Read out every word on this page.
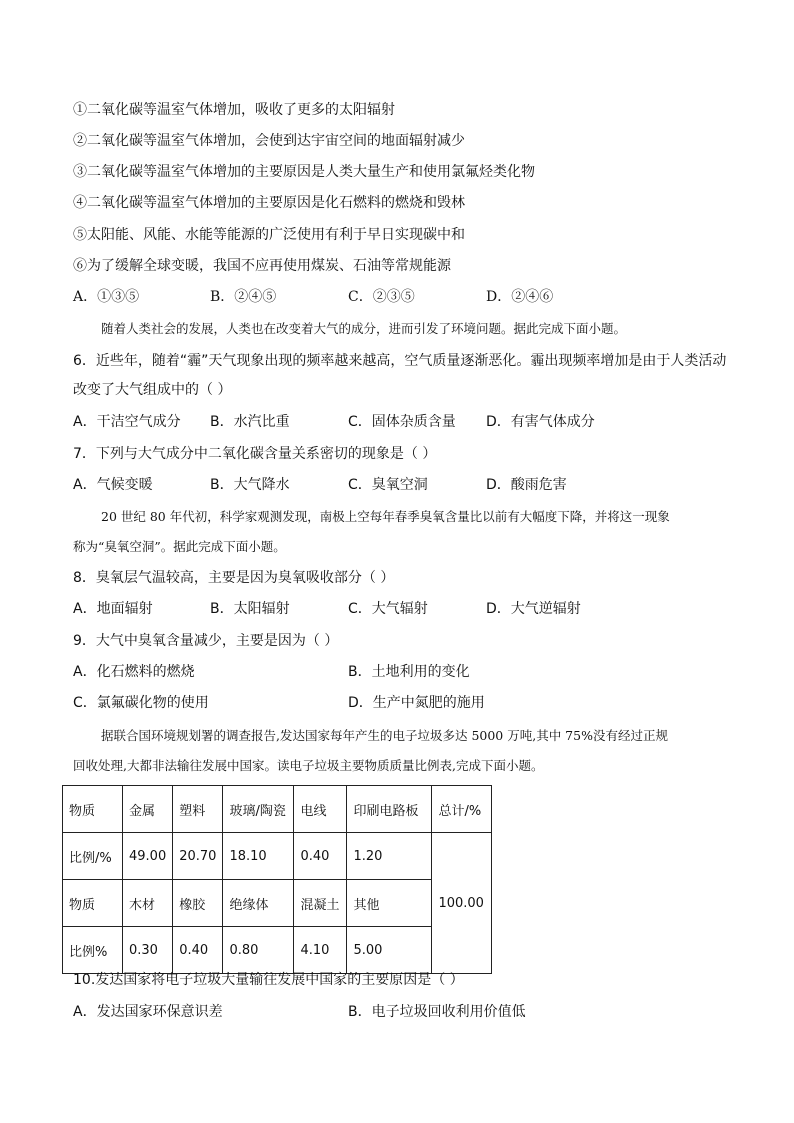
①二氧化碳等温室气体增加，吸收了更多的太阳辐射
②二氧化碳等温室气体增加，会使到达宇宙空间的地面辐射减少
③二氧化碳等温室气体增加的主要原因是人类大量生产和使用氯氟烃类化物
④二氧化碳等温室气体增加的主要原因是化石燃料的燃烧和毁林
⑤太阳能、风能、水能等能源的广泛使用有利于早日实现碳中和
⑥为了缓解全球变暖，我国不应再使用煤炭、石油等常规能源
A．①③⑤	B．②④⑤	C．②③⑤	D．②④⑥
随着人类社会的发展，人类也在改变着大气的成分，进而引发了环境问题。据此完成下面小题。
6．近些年，随着“霾”天气现象出现的频率越来越高，空气质量逐渐恶化。霾出现频率增加是由于人类活动
改变了大气组成中的（ ）
A．干洁空气成分 B．水汽比重	C．固体杂质含量 D．有害气体成分
7．下列与大气成分中二氧化碳含量关系密切的现象是（ ）
A．气候变暖	B．大气降水	C．臭氧空洞	D．酸雨危害
20 世纪 80 年代初，科学家观测发现，南极上空每年春季臭氧含量比以前有大幅度下降，并将这一现象
称为“臭氧空洞”。据此完成下面小题。
8．臭氧层气温较高，主要是因为臭氧吸收部分（ ）
A．地面辐射	B．太阳辐射	C．大气辐射	D．大气逆辐射
9．大气中臭氧含量减少，主要是因为（ ）
A．化石燃料的燃烧	B．土地利用的变化
C．氯氟碳化物的使用	D．生产中氮肥的施用
据联合国环境规划署的调查报告,发达国家每年产生的电子垃圾多达 5000 万吨,其中 75%没有经过正规
回收处理,大都非法输往发展中国家。读电子垃圾主要物质质量比例表,完成下面小题。
物质	金属	塑料	玻璃/陶瓷	电线	印刷电路板	总计/%
比例/%	49.00	20.70	18.10	0.40	1.20	100.00
物质	木材	橡胶	绝缘体	混凝土	其他	
比例%	0.30	0.40	0.80	4.10	5.00	
10.发达国家将电子垃圾大量输往发展中国家的主要原因是（ ）
A．发达国家环保意识差	B．电子垃圾回收利用价值低
